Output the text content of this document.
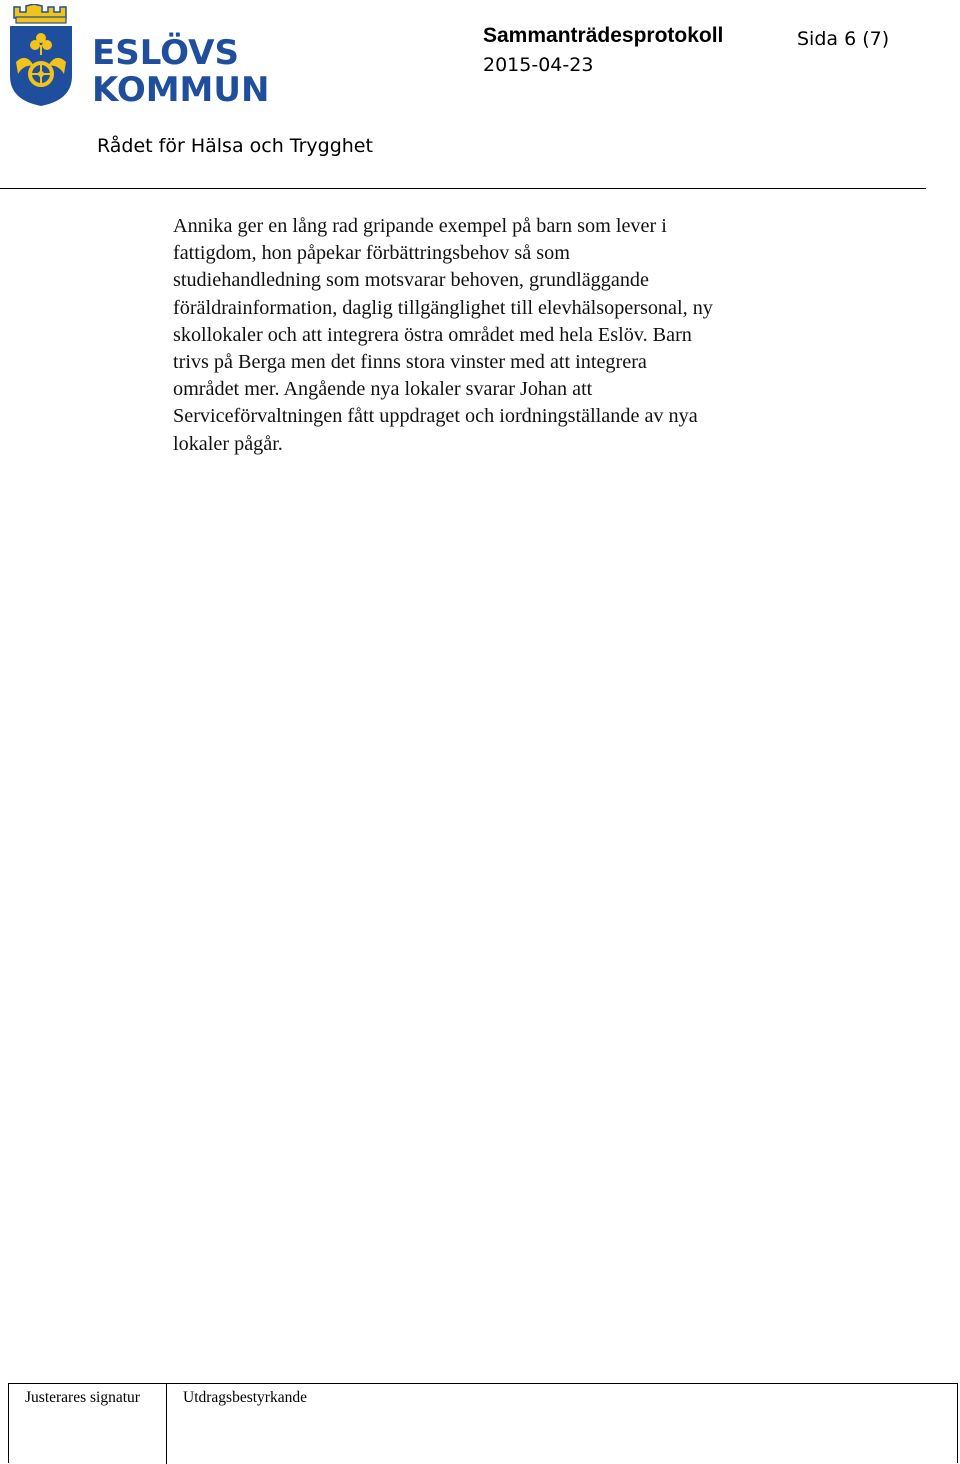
ESLÖVS
KOMMUN
Sammanträdesprotokoll	Sida 6 (7)
2015-04-23
Rådet för Hälsa och Trygghet

Annika ger en lång rad gripande exempel på barn som lever i
fattigdom, hon påpekar förbättringsbehov så som
studiehandledning som motsvarar behoven, grundläggande
föräldrainformation, daglig tillgänglighet till elevhälsopersonal, ny
skollokaler och att integrera östra området med hela Eslöv. Barn
trivs på Berga men det finns stora vinster med att integrera
området mer. Angående nya lokaler svarar Johan att
Serviceförvaltningen fått uppdraget och iordningställande av nya
lokaler pågår.

Justerares signatur	Utdragsbestyrkande
